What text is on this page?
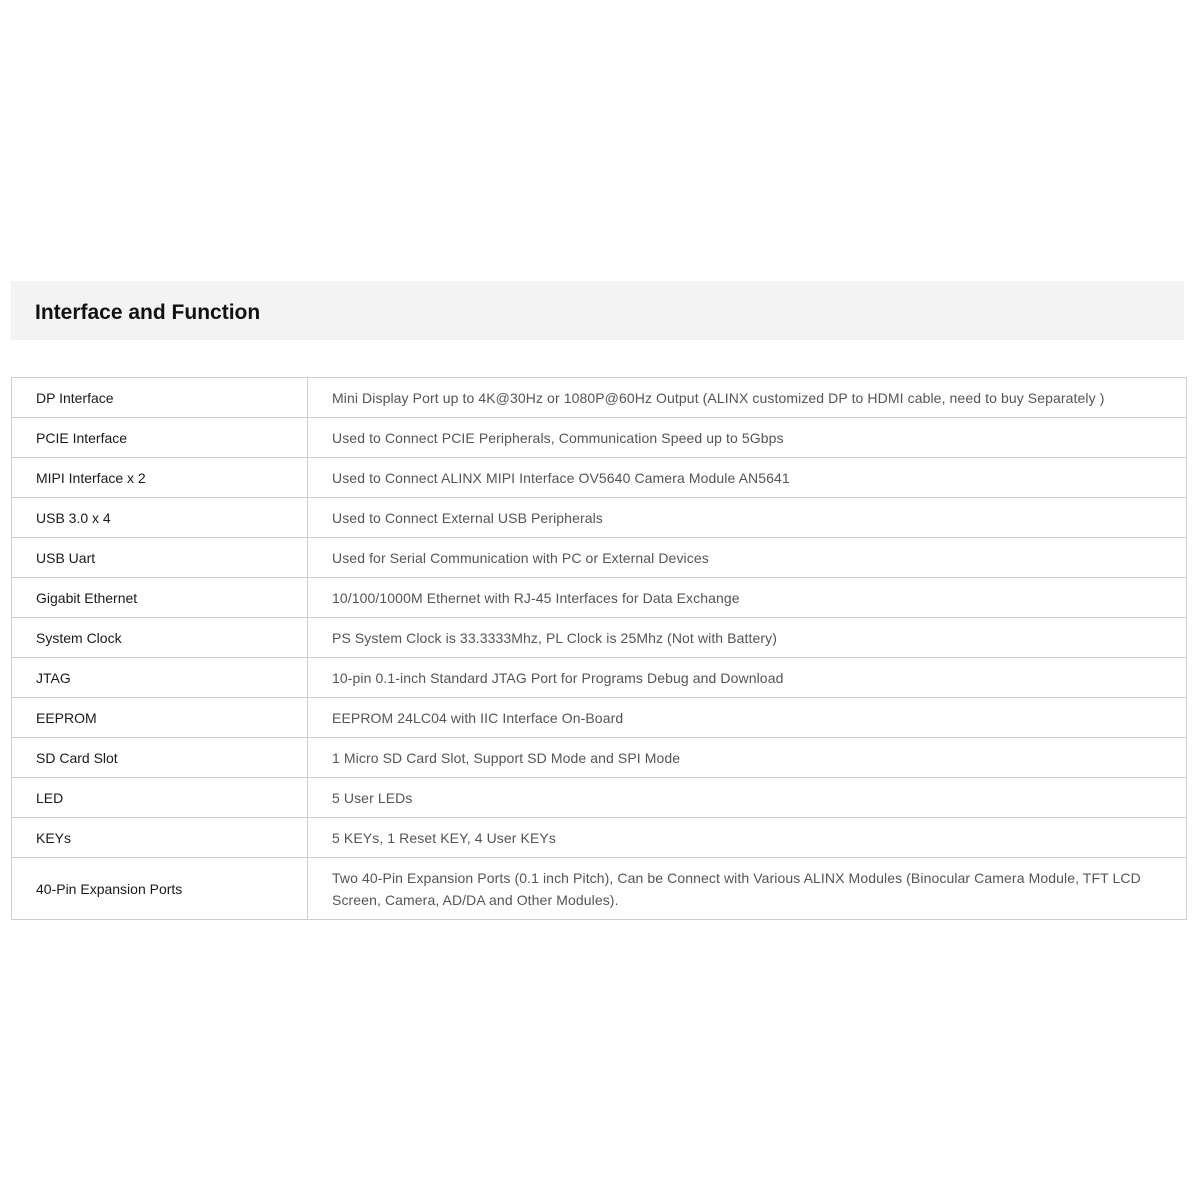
Interface and Function
DP Interface	Mini Display Port up to 4K@30Hz or 1080P@60Hz Output (ALINX customized DP to HDMI cable, need to buy Separately )
PCIE Interface	Used to Connect PCIE Peripherals, Communication Speed up to 5Gbps
MIPI Interface x 2	Used to Connect ALINX MIPI Interface OV5640 Camera Module AN5641
USB 3.0 x 4	Used to Connect External USB Peripherals
USB Uart	Used for Serial Communication with PC or External Devices
Gigabit Ethernet	10/100/1000M Ethernet with RJ-45 Interfaces for Data Exchange
System Clock	PS System Clock is 33.3333Mhz, PL Clock is 25Mhz (Not with Battery)
JTAG	10-pin 0.1-inch Standard JTAG Port for Programs Debug and Download
EEPROM	EEPROM 24LC04 with IIC Interface On-Board
SD Card Slot	1 Micro SD Card Slot, Support SD Mode and SPI Mode
LED	5 User LEDs
KEYs	5 KEYs, 1 Reset KEY, 4 User KEYs
40-Pin Expansion Ports	Two 40-Pin Expansion Ports (0.1 inch Pitch), Can be Connect with Various ALINX Modules (Binocular Camera Module, TFT LCD Screen, Camera, AD/DA and Other Modules).
